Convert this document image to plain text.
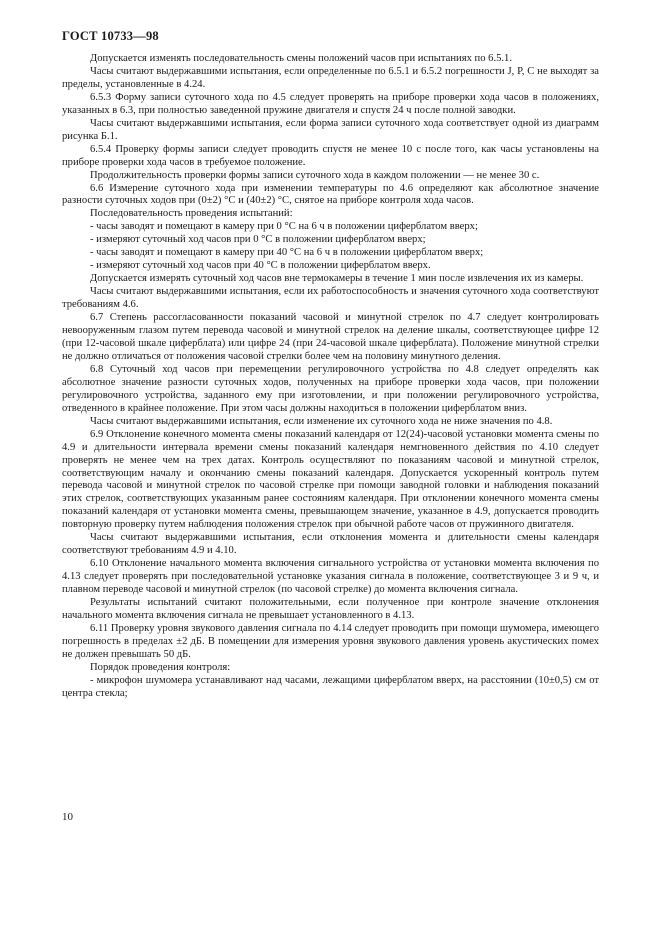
ГОСТ 10733—98

Допускается изменять последовательность смены положений часов при испытаниях по 6.5.1.

Часы считают выдержавшими испытания, если определенные по 6.5.1 и 6.5.2 погрешности J, P, C не выходят за пределы, установленные в 4.24.

6.5.3 Форму записи суточного хода по 4.5 следует проверять на приборе проверки хода часов в положениях, указанных в 6.3, при полностью заведенной пружине двигателя и спустя 24 ч после полной заводки.

Часы считают выдержавшими испытания, если форма записи суточного хода соответствует одной из диаграмм рисунка Б.1.

6.5.4 Проверку формы записи следует проводить спустя не менее 10 с после того, как часы установлены на приборе проверки хода часов в требуемое положение.

Продолжительность проверки формы записи суточного хода в каждом положении — не менее 30 с.

6.6 Измерение суточного хода при изменении температуры по 4.6 определяют как абсолютное значение разности суточных ходов при (0±2) °С и (40±2) °С, снятое на приборе контроля хода часов.

Последовательность проведения испытаний:

- часы заводят и помещают в камеру при 0 °С на 6 ч в положении циферблатом вверх;

- измеряют суточный ход часов при 0 °С в положении циферблатом вверх;

- часы заводят и помещают в камеру при 40 °С на 6 ч в положении циферблатом вверх;

- измеряют суточный ход часов при 40 °С в положении циферблатом вверх.

Допускается измерять суточный ход часов вне термокамеры в течение 1 мин после извлечения их из камеры.

Часы считают выдержавшими испытания, если их работоспособность и значения суточного хода соответствуют требованиям 4.6.

6.7 Степень рассогласованности показаний часовой и минутной стрелок по 4.7 следует контролировать невооруженным глазом путем перевода часовой и минутной стрелок на деление шкалы, соответствующее цифре 12 (при 12-часовой шкале циферблата) или цифре 24 (при 24-часовой шкале циферблата). Положение минутной стрелки не должно отличаться от положения часовой стрелки более чем на половину минутного деления.

6.8 Суточный ход часов при перемещении регулировочного устройства по 4.8 следует определять как абсолютное значение разности суточных ходов, полученных на приборе проверки хода часов, при положении регулировочного устройства, заданного ему при изготовлении, и при положении регулировочного устройства, отведенного в крайнее положение. При этом часы должны находиться в положении циферблатом вниз.

Часы считают выдержавшими испытания, если изменение их суточного хода не ниже значения по 4.8.

6.9 Отклонение конечного момента смены показаний календаря от 12(24)-часовой установки момента смены по 4.9 и длительности интервала времени смены показаний календаря немгновенного действия по 4.10 следует проверять не менее чем на трех датах. Контроль осуществляют по показаниям часовой и минутной стрелок, соответствующим началу и окончанию смены показаний календаря. Допускается ускоренный контроль путем перевода часовой и минутной стрелок по часовой стрелке при помощи заводной головки и наблюдения показаний этих стрелок, соответствующих указанным ранее состояниям календаря. При отклонении конечного момента смены показаний календаря от установки момента смены, превышающем значение, указанное в 4.9, допускается проводить повторную проверку путем наблюдения положения стрелок при обычной работе часов от пружинного двигателя.

Часы считают выдержавшими испытания, если отклонения момента и длительности смены календаря соответствуют требованиям 4.9 и 4.10.

6.10 Отклонение начального момента включения сигнального устройства от установки момента включения по 4.13 следует проверять при последовательной установке указания сигнала в положение, соответствующее 3 и 9 ч, и плавном переводе часовой и минутной стрелок (по часовой стрелке) до момента включения сигнала.

Результаты испытаний считают положительными, если полученное при контроле значение отклонения начального момента включения сигнала не превышает установленного в 4.13.

6.11 Проверку уровня звукового давления сигнала по 4.14 следует проводить при помощи шумомера, имеющего погрешность в пределах ±2 дБ. В помещении для измерения уровня звукового давления уровень акустических помех не должен превышать 50 дБ.

Порядок проведения контроля:

- микрофон шумомера устанавливают над часами, лежащими циферблатом вверх, на расстоянии (10±0,5) см от центра стекла;

10
